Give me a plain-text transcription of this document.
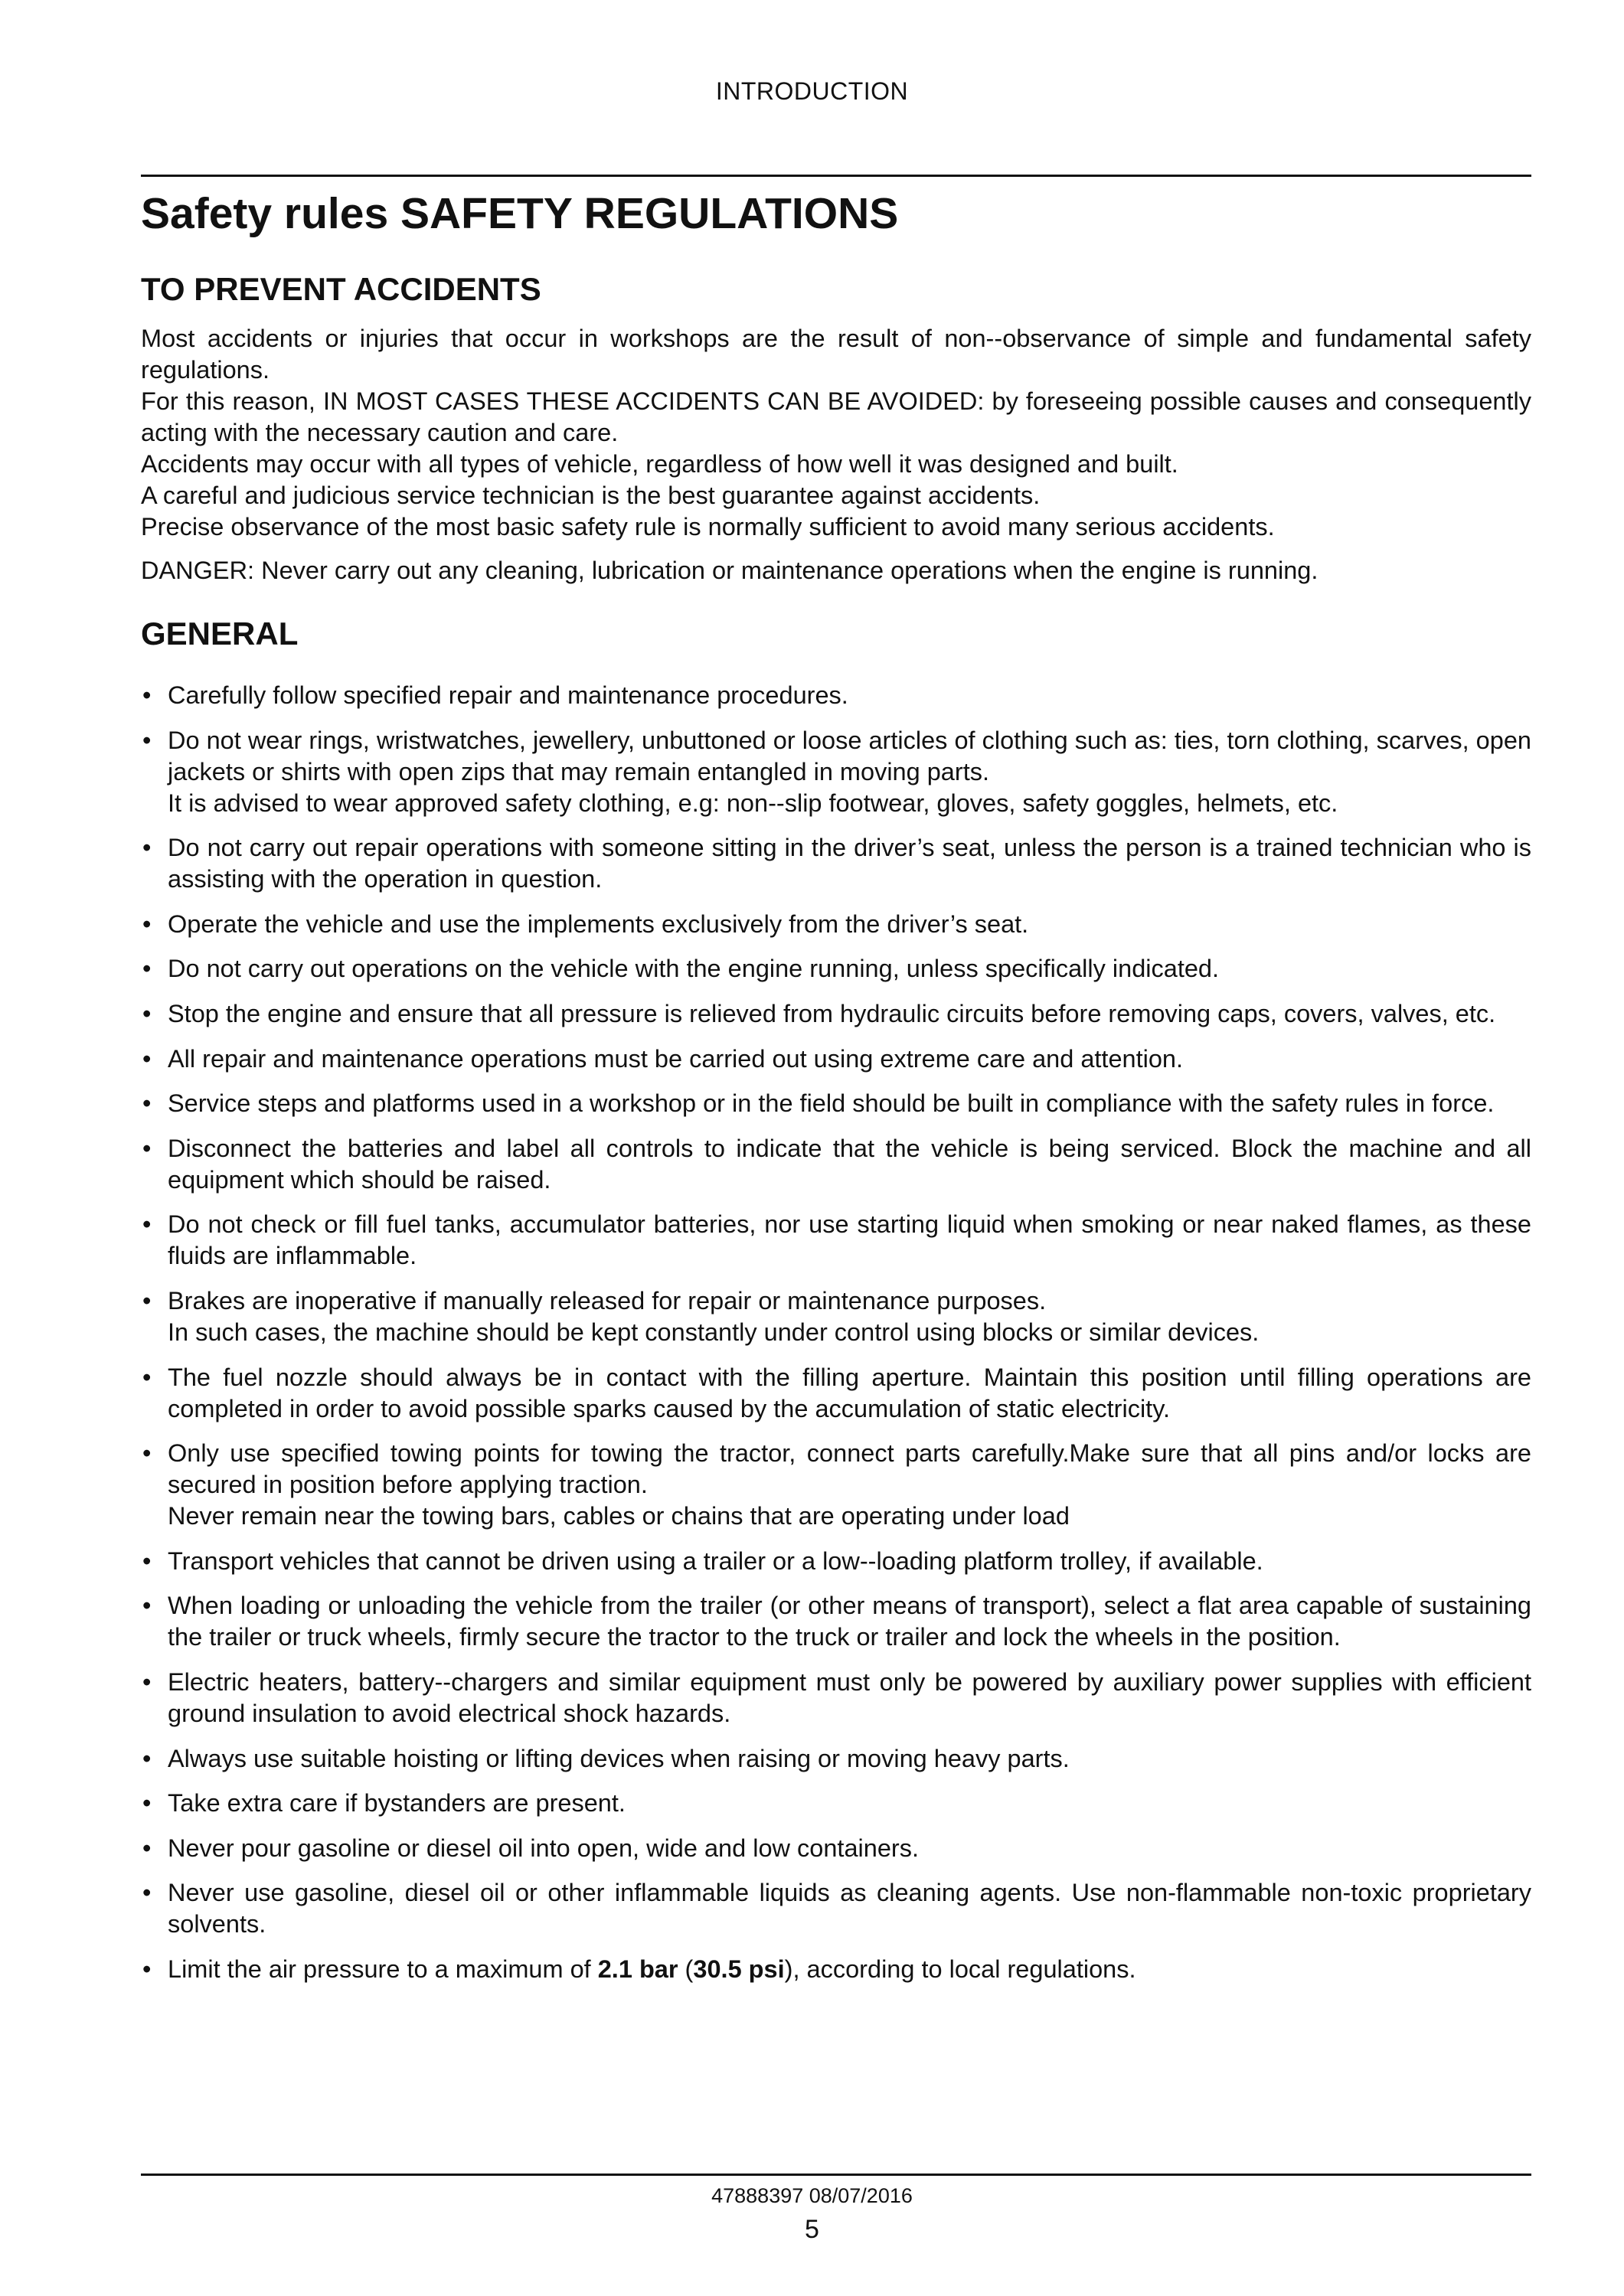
INTRODUCTION
Safety rules SAFETY REGULATIONS
TO PREVENT ACCIDENTS

Most accidents or injuries that occur in workshops are the result of non--observance of simple and fundamental safety regulations.

For this reason, IN MOST CASES THESE ACCIDENTS CAN BE AVOIDED: by foreseeing possible causes and consequently acting with the necessary caution and care.

Accidents may occur with all types of vehicle, regardless of how well it was designed and built.

A careful and judicious service technician is the best guarantee against accidents.

Precise observance of the most basic safety rule is normally sufficient to avoid many serious accidents.

DANGER: Never carry out any cleaning, lubrication or maintenance operations when the engine is running.

GENERAL
• Carefully follow specified repair and maintenance procedures.
• Do not wear rings, wristwatches, jewellery, unbuttoned or loose articles of clothing such as: ties, torn clothing, scarves, open jackets or shirts with open zips that may remain entangled in moving parts.
It is advised to wear approved safety clothing, e.g: non--slip footwear, gloves, safety goggles, helmets, etc.
• Do not carry out repair operations with someone sitting in the driver’s seat, unless the person is a trained technician who is assisting with the operation in question.
• Operate the vehicle and use the implements exclusively from the driver’s seat.
• Do not carry out operations on the vehicle with the engine running, unless specifically indicated.
• Stop the engine and ensure that all pressure is relieved from hydraulic circuits before removing caps, covers, valves, etc.
• All repair and maintenance operations must be carried out using extreme care and attention.
• Service steps and platforms used in a workshop or in the field should be built in compliance with the safety rules in force.
• Disconnect the batteries and label all controls to indicate that the vehicle is being serviced. Block the machine and all equipment which should be raised.
• Do not check or fill fuel tanks, accumulator batteries, nor use starting liquid when smoking or near naked flames, as these fluids are inflammable.
• Brakes are inoperative if manually released for repair or maintenance purposes.
In such cases, the machine should be kept constantly under control using blocks or similar devices.
• The fuel nozzle should always be in contact with the filling aperture. Maintain this position until filling operations are completed in order to avoid possible sparks caused by the accumulation of static electricity.
• Only use specified towing points for towing the tractor, connect parts carefully.Make sure that all pins and/or locks are secured in position before applying traction.
Never remain near the towing bars, cables or chains that are operating under load
• Transport vehicles that cannot be driven using a trailer or a low--loading platform trolley, if available.
• When loading or unloading the vehicle from the trailer (or other means of transport), select a flat area capable of sustaining the trailer or truck wheels, firmly secure the tractor to the truck or trailer and lock the wheels in the position.
• Electric heaters, battery--chargers and similar equipment must only be powered by auxiliary power supplies with efficient ground insulation to avoid electrical shock hazards.
• Always use suitable hoisting or lifting devices when raising or moving heavy parts.
• Take extra care if bystanders are present.
• Never pour gasoline or diesel oil into open, wide and low containers.
• Never use gasoline, diesel oil or other inflammable liquids as cleaning agents. Use non-flammable non-toxic proprietary solvents.
• Limit the air pressure to a maximum of 2.1 bar (30.5 psi), according to local regulations.
47888397 08/07/2016
5
